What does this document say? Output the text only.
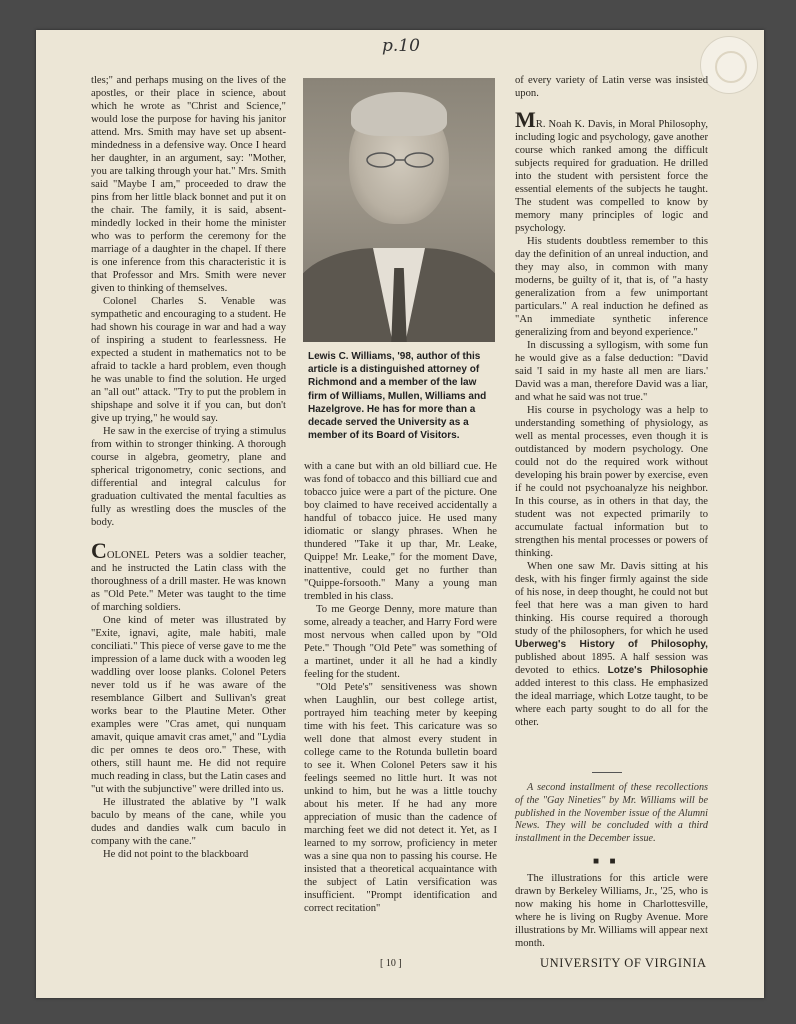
p.10

tles;" and perhaps musing on the lives of the apostles, or their place in science, about which he wrote as "Christ and Science," would lose the purpose for having his janitor attend. Mrs. Smith may have set up absent-mindedness in a defensive way. Once I heard her daughter, in an argument, say: "Mother, you are talking through your hat." Mrs. Smith said "Maybe I am," proceeded to draw the pins from her little black bonnet and put it on the chair. The family, it is said, absent-mindedly locked in their home the minister who was to perform the ceremony for the marriage of a daughter in the chapel. If there is one inference from this characteristic it is that Professor and Mrs. Smith were never given to thinking of themselves.

Colonel Charles S. Venable was sympathetic and encouraging to a student. He had shown his courage in war and had a way of inspiring a student to fearlessness. He expected a student in mathematics not to be afraid to tackle a hard problem, even though he was unable to find the solution. He urged an "all out" attack. "Try to put the problem in shipshape and solve it if you can, but don't give up trying," he would say.

He saw in the exercise of trying a stimulus from within to stronger thinking. A thorough course in algebra, geometry, plane and spherical trigonometry, conic sections, and differential and integral calculus for graduation cultivated the mental faculties as fully as wrestling does the muscles of the body.

COLONEL Peters was a soldier teacher, and he instructed the Latin class with the thoroughness of a drill master. He was known as "Old Pete." Meter was taught to the time of marching soldiers.

One kind of meter was illustrated by "Exite, ignavi, agite, male habiti, male conciliati." This piece of verse gave to me the impression of a lame duck with a wooden leg waddling over loose planks. Colonel Peters never told us if he was aware of the resemblance Gilbert and Sullivan's great works bear to the Plautine Meter. Other examples were "Cras amet, qui nunquam amavit, quique amavit cras amet," and "Lydia dic per omnes te deos oro." These, with others, still haunt me. He did not require much reading in class, but the Latin cases and "ut with the subjunctive" were drilled into us.

He illustrated the ablative by "I walk baculo by means of the cane, while you dudes and dandies walk cum baculo in company with the cane."

He did not point to the blackboard

Lewis C. Williams, '98, author of this article is a distinguished attorney of Richmond and a member of the law firm of Williams, Mullen, Williams and Hazelgrove. He has for more than a decade served the University as a member of its Board of Visitors.

with a cane but with an old billiard cue. He was fond of tobacco and this billiard cue and tobacco juice were a part of the picture. One boy claimed to have received accidentally a handful of tobacco juice. He used many idiomatic or slangy phrases. When he thundered "Take it up thar, Mr. Leake, Quippe! Mr. Leake," for the moment Dave, inattentive, could get no further than "Quippe-forsooth." Many a young man trembled in his class.

To me George Denny, more mature than some, already a teacher, and Harry Ford were most nervous when called upon by "Old Pete." Though "Old Pete" was something of a martinet, under it all he had a kindly feeling for the student.

"Old Pete's" sensitiveness was shown when Laughlin, our best college artist, portrayed him teaching meter by keeping time with his feet. This caricature was so well done that almost every student in college came to the Rotunda bulletin board to see it. When Colonel Peters saw it his feelings seemed no little hurt. It was not unkind to him, but he was a little touchy about his meter. If he had any more appreciation of music than the cadence of marching feet we did not detect it. Yet, as I learned to my sorrow, proficiency in meter was a sine qua non to passing his course. He insisted that a theoretical acquaintance with the subject of Latin versification was insufficient. "Prompt identification and correct recitation"

of every variety of Latin verse was insisted upon.

MR. Noah K. Davis, in Moral Philosophy, including logic and psychology, gave another course which ranked among the difficult subjects required for graduation. He drilled into the student with persistent force the essential elements of the subjects he taught. The student was compelled to know by memory many principles of logic and psychology.

His students doubtless remember to this day the definition of an unreal induction, and they may also, in common with many moderns, be guilty of it, that is, of "a hasty generalization from a few unimportant particulars." A real induction he defined as "An immediate synthetic inference generalizing from and beyond experience."

In discussing a syllogism, with some fun he would give as a false deduction: "David said 'I said in my haste all men are liars.' David was a man, therefore David was a liar, and what he said was not true."

His course in psychology was a help to understanding something of physiology, as well as mental processes, even though it is outdistanced by modern psychology. One could not do the required work without developing his brain power by exercise, even if he could not psychoanalyze his neighbor. In this course, as in others in that day, the student was not expected primarily to accumulate factual information but to strengthen his mental processes or powers of thinking.

When one saw Mr. Davis sitting at his desk, with his finger firmly against the side of his nose, in deep thought, he could not but feel that here was a man given to hard thinking. His course required a thorough study of the philosophers, for which he used Uberweg's History of Philosophy, published about 1895. A half session was devoted to ethics. Lotze's Philosophie added interest to this class. He emphasized the ideal marriage, which Lotze taught, to be where each party sought to do all for the other.

A second installment of these recollections of the "Gay Nineties" by Mr. Williams will be published in the November issue of the Alumni News. They will be concluded with a third installment in the December issue.

■ ■

The illustrations for this article were drawn by Berkeley Williams, Jr., '25, who is now making his home in Charlottesville, where he is living on Rugby Avenue. More illustrations by Mr. Williams will appear next month.

[ 10 ]	UNIVERSITY OF VIRGINIA
